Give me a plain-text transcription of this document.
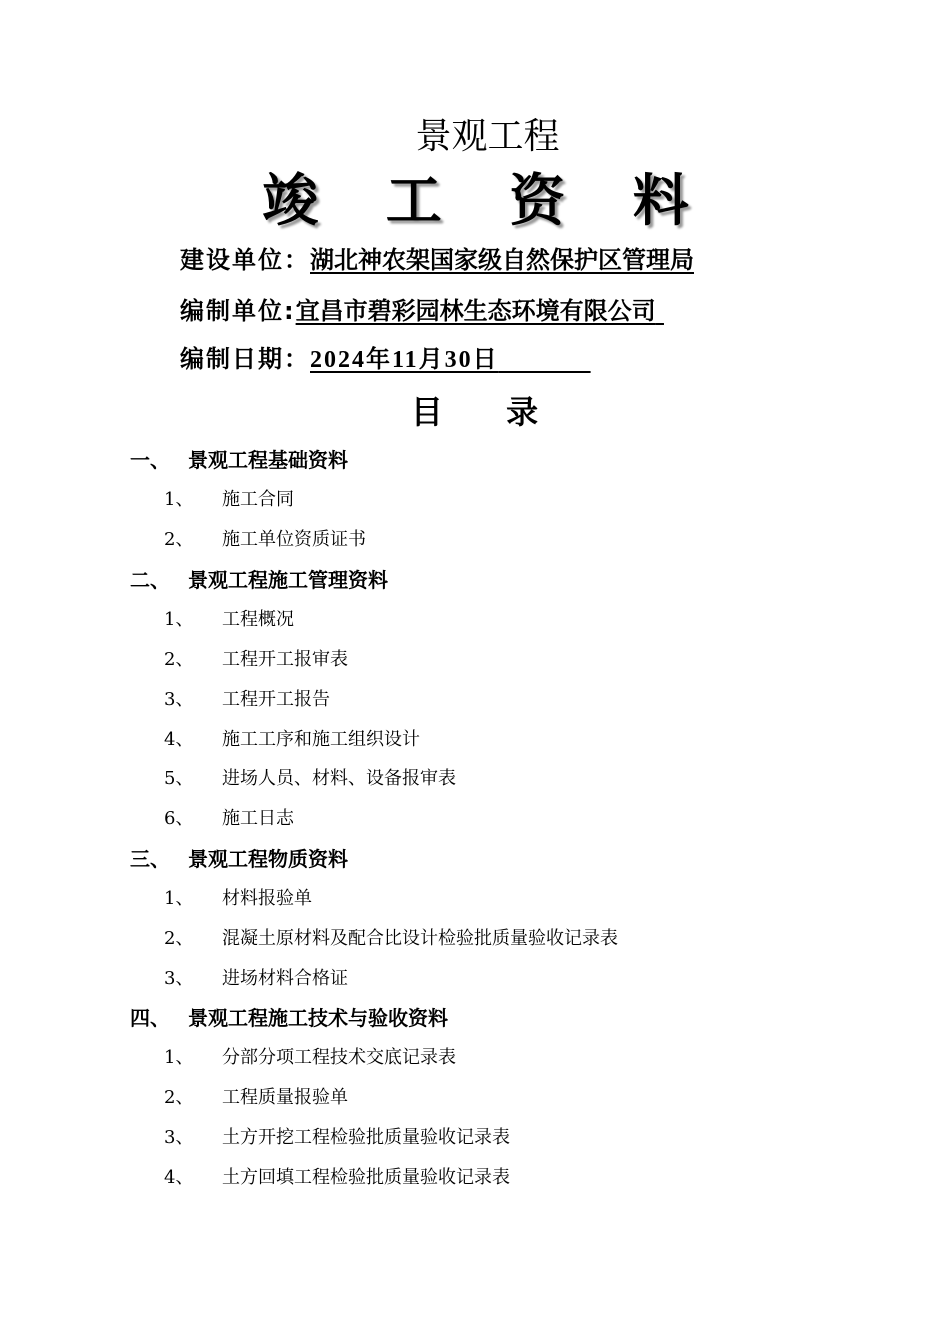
景观工程
竣 工 资 料
建设单位：湖北神农架国家级自然保护区管理局
编制单位:宜昌市碧彩园林生态环境有限公司
编制日期：2024年11月30日
目 录
一、 景观工程基础资料
1、 施工合同
2、 施工单位资质证书
二、 景观工程施工管理资料
1、 工程概况
2、 工程开工报审表
3、 工程开工报告
4、 施工工序和施工组织设计
5、 进场人员、材料、设备报审表
6、 施工日志
三、 景观工程物质资料
1、 材料报验单
2、 混凝土原材料及配合比设计检验批质量验收记录表
3、 进场材料合格证
四、 景观工程施工技术与验收资料
1、 分部分项工程技术交底记录表
2、 工程质量报验单
3、 土方开挖工程检验批质量验收记录表
4、 土方回填工程检验批质量验收记录表
